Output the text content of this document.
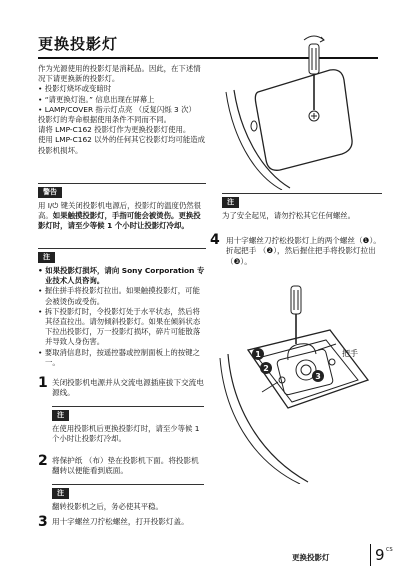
更换投影灯

作为光源使用的投影灯是消耗品。因此，在下述情况下请更换新的投影灯。

• 投影灯烧坏或变暗时

• “请更换灯泡。” 信息出现在屏幕上

• LAMP/COVER 指示灯点亮 （反复闪烁 3 次）

投影灯的寿命根据使用条件不同而不同。

请将 LMP-C162 投影灯作为更换投影灯使用。

使用 LMP-C162 以外的任何其它投影灯均可能造成投影机损坏。

警告

用 I/⏻ 键关闭投影机电源后，投影灯的温度仍然很高。如果触摸投影灯，手指可能会被烫伤。更换投影灯时，请至少等候 1 个小时让投影灯冷却。

注

• 如果投影灯损坏，请向 Sony Corporation 专业技术人员咨询。

• 握住拼手将投影灯拉出。如果触摸投影灯，可能会被烫伤或受伤。

• 拆下投影灯时，令投影灯处于水平状态，然后将其径直拉出。请勿倾斜投影灯。如果在倾斜状态下拉出投影灯，万一投影灯损坏，碎片可能散落并导致人身伤害。

• 要取消信息时，按遥控器或控制面板上的按键之一。

1 关闭投影机电源并从交流电源插座拔下交流电源线。
注

在使用投影机后更换投影灯时，请至少等候 1 个小时让投影灯冷却。

2 将保护纸 （布）垫在投影机下面。将投影机翻转以便能看到底面。
注

翻转投影机之后，务必使其平稳。

3 用十字螺丝刀拧松螺丝，打开投影灯盖。
注

为了安全起见，请勿拧松其它任何螺丝。

4 用十字螺丝刀拧松投影灯上的两个螺丝（❶）。折起把手 （❷），然后握住把手将投影灯拉出 （❸）。
1
2
3
把手
更换投影灯	9 CS
